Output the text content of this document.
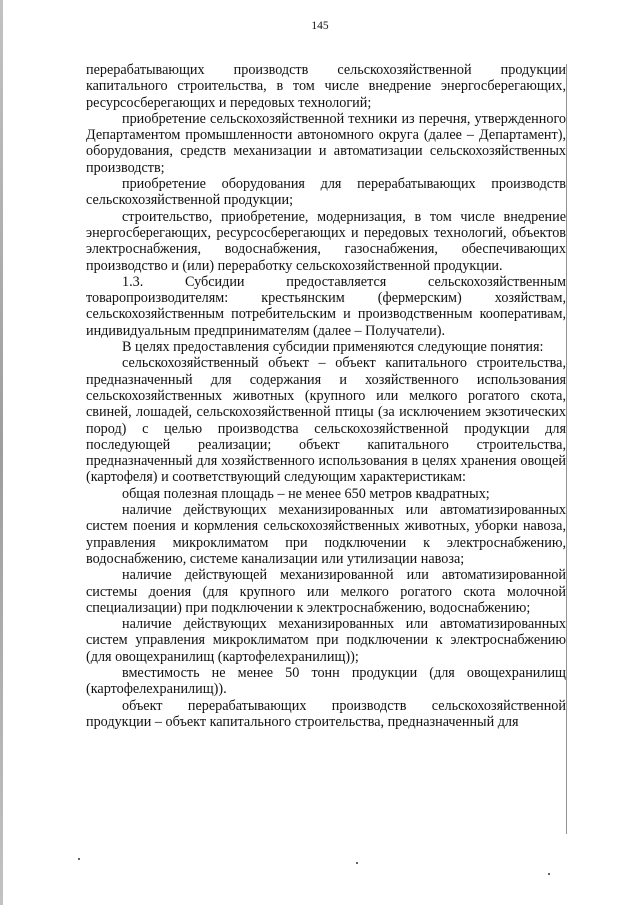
145

перерабатывающих производств сельскохозяйственной продукции капитального строительства, в том числе внедрение энергосберегающих, ресурсосберегающих и передовых технологий;

приобретение сельскохозяйственной техники из перечня, утвержденного Департаментом промышленности автономного округа (далее – Департамент), оборудования, средств механизации и автоматизации сельскохозяйственных производств;

приобретение оборудования для перерабатывающих производств сельскохозяйственной продукции;

строительство, приобретение, модернизация, в том числе внедрение энергосберегающих, ресурсосберегающих и передовых технологий, объектов электроснабжения, водоснабжения, газоснабжения, обеспечивающих производство и (или) переработку сельскохозяйственной продукции.

1.3. Субсидии предоставляется сельскохозяйственным товаропроизводителям: крестьянским (фермерским) хозяйствам, сельскохозяйственным потребительским и производственным кооперативам, индивидуальным предпринимателям (далее – Получатели).

В целях предоставления субсидии применяются следующие понятия:

сельскохозяйственный объект – объект капитального строительства, предназначенный для содержания и хозяйственного использования сельскохозяйственных животных (крупного или мелкого рогатого скота, свиней, лошадей, сельскохозяйственной птицы (за исключением экзотических пород) с целью производства сельскохозяйственной продукции для последующей реализации; объект капитального строительства, предназначенный для хозяйственного использования в целях хранения овощей (картофеля) и соответствующий следующим характеристикам:

общая полезная площадь – не менее 650 метров квадратных;

наличие действующих механизированных или автоматизированных систем поения и кормления сельскохозяйственных животных, уборки навоза, управления микроклиматом при подключении к электроснабжению, водоснабжению, системе канализации или утилизации навоза;

наличие действующей механизированной или автоматизированной системы доения (для крупного или мелкого рогатого скота молочной специализации) при подключении к электроснабжению, водоснабжению;

наличие действующих механизированных или автоматизированных систем управления микроклиматом при подключении к электроснабжению (для овощехранилищ (картофелехранилищ));

вместимость не менее 50 тонн продукции (для овощехранилищ (картофелехранилищ)).

объект перерабатывающих производств сельскохозяйственной продукции – объект капитального строительства, предназначенный для
